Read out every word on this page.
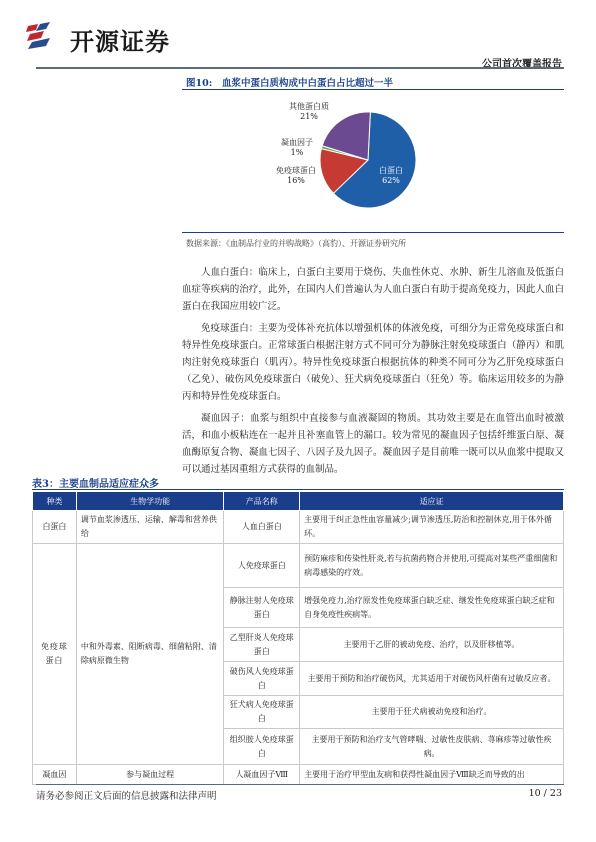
开源证券
公司首次覆盖报告
图10: 血浆中蛋白质构成中白蛋白占比超过一半
其他蛋白质
21%
凝血因子
1%
免疫球蛋白
16%
白蛋白
62%
数据来源：《血制品行业的并购战略》（高豹）、开源证券研究所
人血白蛋白：临床上，白蛋白主要用于烧伤、失血性休克、水肿、新生儿溶血及低蛋白血症等疾病的治疗，此外，在国内人们普遍认为人血白蛋白有助于提高免疫力，因此人血白蛋白在我国应用较广泛。
免疫球蛋白：主要为受体补充抗体以增强机体的体液免疫，可细分为正常免疫球蛋白和特异性免疫球蛋白。正常球蛋白根据注射方式不同可分为静脉注射免疫球蛋白（静丙）和肌肉注射免疫球蛋白（肌丙）。特异性免疫球蛋白根据抗体的种类不同可分为乙肝免疫球蛋白（乙免）、破伤风免疫球蛋白（破免）、狂犬病免疫球蛋白（狂免）等。临床运用较多的为静丙和特异性免疫球蛋白。
凝血因子：血浆与组织中直接参与血液凝固的物质。其功效主要是在血管出血时被激活，和血小板粘连在一起并且补塞血管上的漏口。较为常见的凝血因子包括纤维蛋白原、凝血酶原复合物、凝血七因子、八因子及九因子。凝血因子是目前唯一既可以从血浆中提取又可以通过基因重组方式获得的血制品。
表3：主要血制品适应症众多
种类	生物学功能	产品名称	适应证
白蛋白	调节血浆渗透压、运输、解毒和营养供给	人血白蛋白	主要用于纠正急性血容量减少;调节渗透压,防治和控制休克,用于体外循环。
免疫球蛋白	中和外毒素、阻断病毒、细菌粘附、清除病原微生物	人免疫球蛋白	预防麻疹和传染性肝炎,若与抗菌药物合并使用,可提高对某些严重细菌和病毒感染的疗效。
		静脉注射人免疫球蛋白	增强免疫力,治疗原发性免疫球蛋白缺乏症、继发性免疫球蛋白缺乏症和自身免疫性疾病等。
		乙型肝炎人免疫球蛋白	主要用于乙肝的被动免疫、治疗，以及肝移植等。
		破伤风人免疫球蛋白	主要用于预防和治疗破伤风，尤其适用于对破伤风杆菌有过敏反应者。
		狂犬病人免疫球蛋白	主要用于狂犬病被动免疫和治疗。
		组织胺人免疫球蛋白	主要用于预防和治疗支气管哮喘、过敏性皮肤病、荨麻疹等过敏性疾病。
凝血因	参与凝血过程	人凝血因子Ⅷ	主要用于治疗甲型血友病和获得性凝血因子Ⅷ缺乏而导致的出
请务必参阅正文后面的信息披露和法律声明	10 / 23
